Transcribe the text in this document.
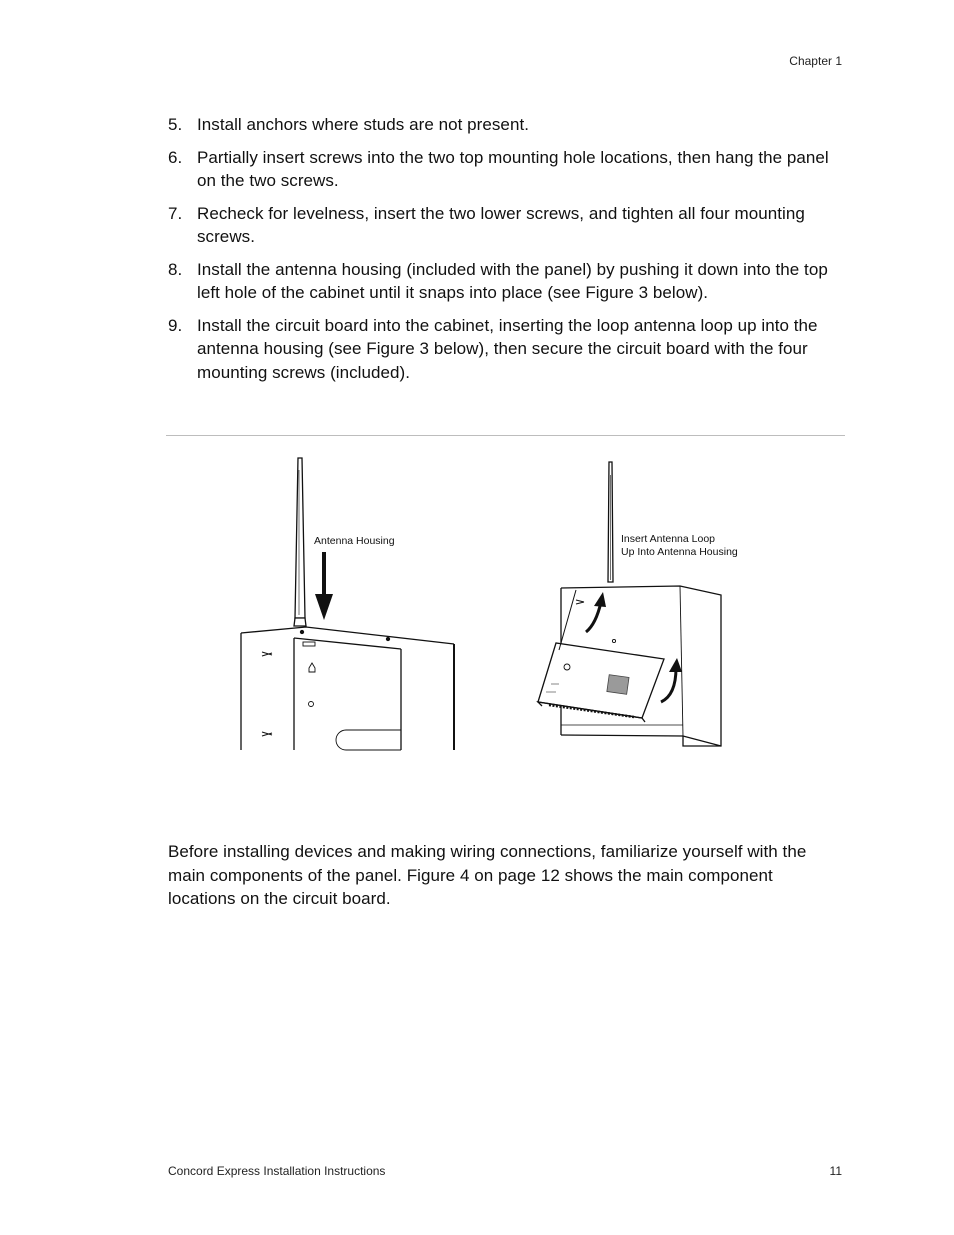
Chapter 1
5. Install anchors where studs are not present.
6. Partially insert screws into the two top mounting hole locations, then hang the panel on the two screws.
7. Recheck for levelness, insert the two lower screws, and tighten all four mounting screws.
8. Install the antenna housing (included with the panel) by pushing it down into the top left hole of the cabinet until it snaps into place (see Figure 3 below).
9. Install the circuit board into the cabinet, inserting the loop antenna loop up into the antenna housing (see Figure 3 below), then secure the circuit board with the four mounting screws (included).
Antenna Housing	Insert Antenna Loop
Up Into Antenna Housing

Before installing devices and making wiring connections, familiarize yourself with the main components of the panel. Figure 4 on page 12 shows the main component locations on the circuit board.

Concord Express Installation Instructions	11
